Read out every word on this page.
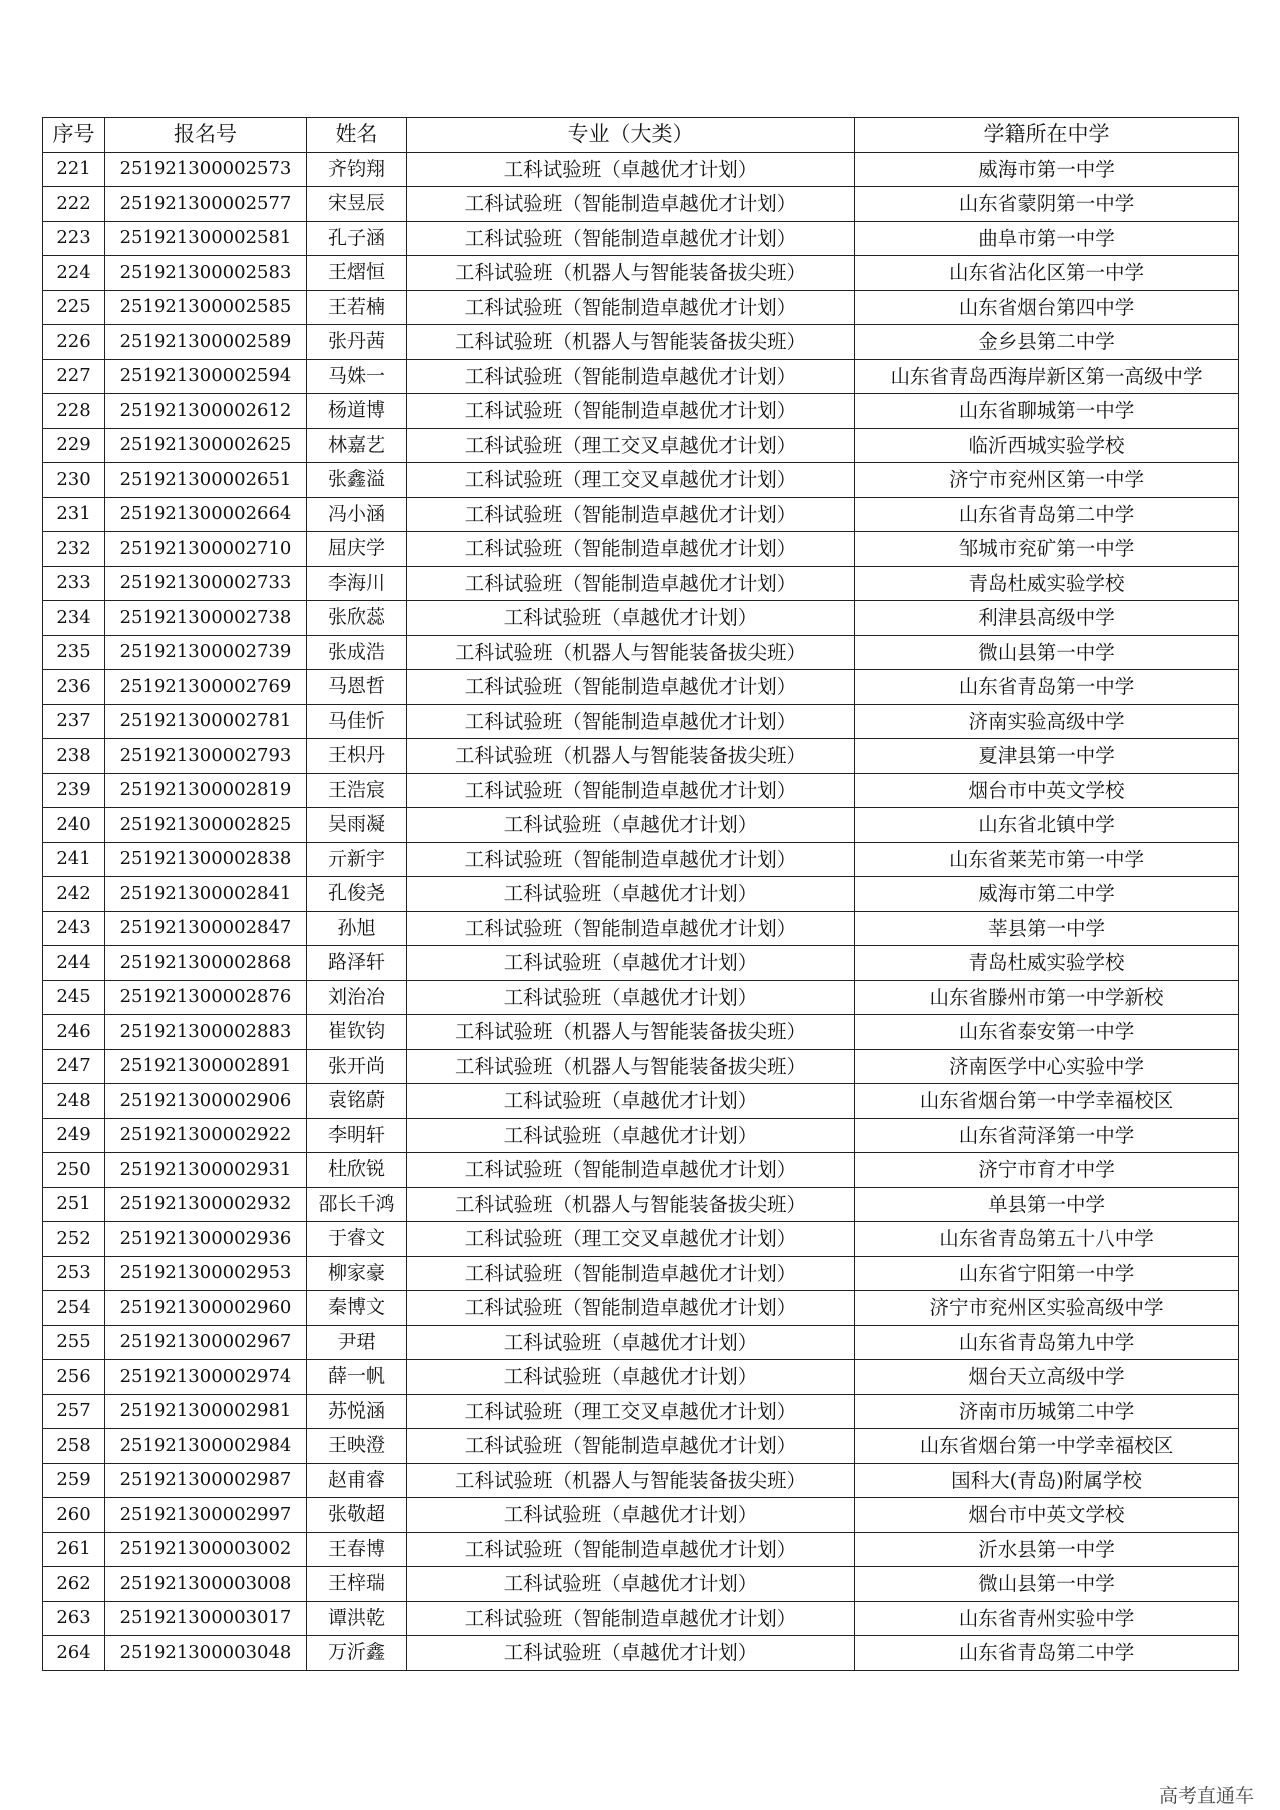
序号	报名号	姓名	专业（大类）	学籍所在中学
221	251921300002573	齐钧翔	工科试验班（卓越优才计划）	威海市第一中学
222	251921300002577	宋昱辰	工科试验班（智能制造卓越优才计划）	山东省蒙阴第一中学
223	251921300002581	孔子涵	工科试验班（智能制造卓越优才计划）	曲阜市第一中学
224	251921300002583	王熠恒	工科试验班（机器人与智能装备拔尖班）	山东省沾化区第一中学
225	251921300002585	王若楠	工科试验班（智能制造卓越优才计划）	山东省烟台第四中学
226	251921300002589	张丹茜	工科试验班（机器人与智能装备拔尖班）	金乡县第二中学
227	251921300002594	马姝一	工科试验班（智能制造卓越优才计划）	山东省青岛西海岸新区第一高级中学
228	251921300002612	杨道博	工科试验班（智能制造卓越优才计划）	山东省聊城第一中学
229	251921300002625	林嘉艺	工科试验班（理工交叉卓越优才计划）	临沂西城实验学校
230	251921300002651	张鑫溢	工科试验班（理工交叉卓越优才计划）	济宁市兖州区第一中学
231	251921300002664	冯小涵	工科试验班（智能制造卓越优才计划）	山东省青岛第二中学
232	251921300002710	屈庆学	工科试验班（智能制造卓越优才计划）	邹城市兖矿第一中学
233	251921300002733	李海川	工科试验班（智能制造卓越优才计划）	青岛杜威实验学校
234	251921300002738	张欣蕊	工科试验班（卓越优才计划）	利津县高级中学
235	251921300002739	张成浩	工科试验班（机器人与智能装备拔尖班）	微山县第一中学
236	251921300002769	马恩哲	工科试验班（智能制造卓越优才计划）	山东省青岛第一中学
237	251921300002781	马佳忻	工科试验班（智能制造卓越优才计划）	济南实验高级中学
238	251921300002793	王枳丹	工科试验班（机器人与智能装备拔尖班）	夏津县第一中学
239	251921300002819	王浩宸	工科试验班（智能制造卓越优才计划）	烟台市中英文学校
240	251921300002825	吴雨凝	工科试验班（卓越优才计划）	山东省北镇中学
241	251921300002838	亓新宇	工科试验班（智能制造卓越优才计划）	山东省莱芜市第一中学
242	251921300002841	孔俊尧	工科试验班（卓越优才计划）	威海市第二中学
243	251921300002847	孙旭	工科试验班（智能制造卓越优才计划）	莘县第一中学
244	251921300002868	路泽轩	工科试验班（卓越优才计划）	青岛杜威实验学校
245	251921300002876	刘治冶	工科试验班（卓越优才计划）	山东省滕州市第一中学新校
246	251921300002883	崔钦钧	工科试验班（机器人与智能装备拔尖班）	山东省泰安第一中学
247	251921300002891	张开尚	工科试验班（机器人与智能装备拔尖班）	济南医学中心实验中学
248	251921300002906	袁铭蔚	工科试验班（卓越优才计划）	山东省烟台第一中学幸福校区
249	251921300002922	李明轩	工科试验班（卓越优才计划）	山东省菏泽第一中学
250	251921300002931	杜欣锐	工科试验班（智能制造卓越优才计划）	济宁市育才中学
251	251921300002932	邵长千鸿	工科试验班（机器人与智能装备拔尖班）	单县第一中学
252	251921300002936	于睿文	工科试验班（理工交叉卓越优才计划）	山东省青岛第五十八中学
253	251921300002953	柳家豪	工科试验班（智能制造卓越优才计划）	山东省宁阳第一中学
254	251921300002960	秦博文	工科试验班（智能制造卓越优才计划）	济宁市兖州区实验高级中学
255	251921300002967	尹珺	工科试验班（卓越优才计划）	山东省青岛第九中学
256	251921300002974	薛一帆	工科试验班（卓越优才计划）	烟台天立高级中学
257	251921300002981	苏悦涵	工科试验班（理工交叉卓越优才计划）	济南市历城第二中学
258	251921300002984	王映澄	工科试验班（智能制造卓越优才计划）	山东省烟台第一中学幸福校区
259	251921300002987	赵甫睿	工科试验班（机器人与智能装备拔尖班）	国科大(青岛)附属学校
260	251921300002997	张敬超	工科试验班（卓越优才计划）	烟台市中英文学校
261	251921300003002	王春博	工科试验班（智能制造卓越优才计划）	沂水县第一中学
262	251921300003008	王梓瑞	工科试验班（卓越优才计划）	微山县第一中学
263	251921300003017	谭洪乾	工科试验班（智能制造卓越优才计划）	山东省青州实验中学
264	251921300003048	万沂鑫	工科试验班（卓越优才计划）	山东省青岛第二中学
高考直通车
